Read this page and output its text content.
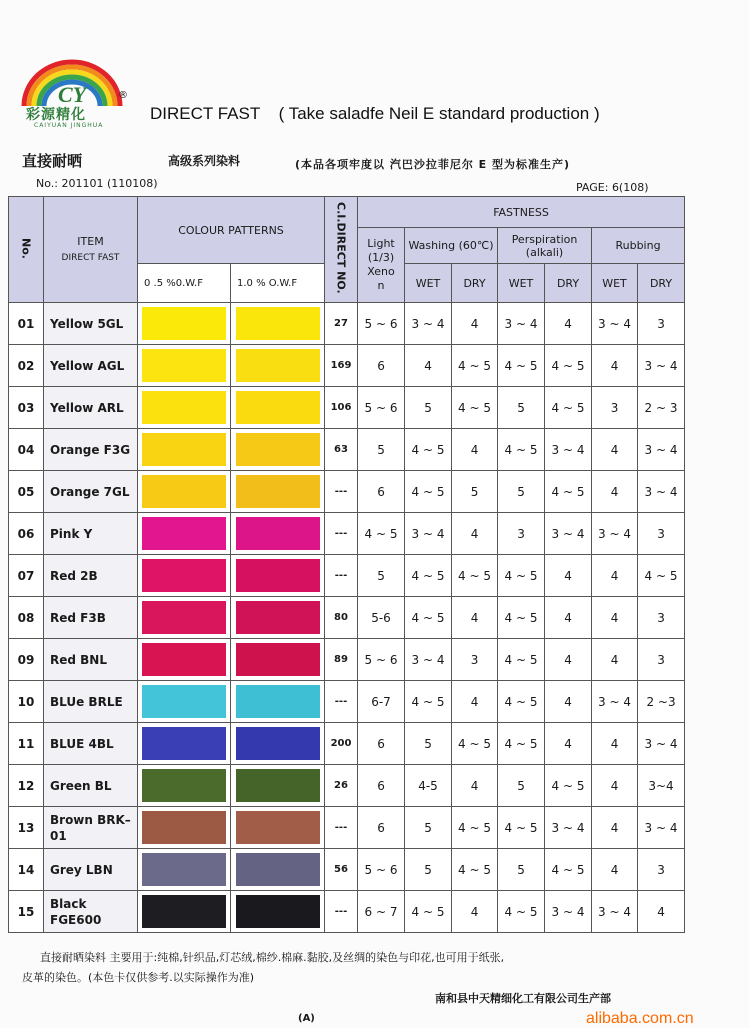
CY
彩源精化
CAIYUAN JINGHUA
®
DIRECT FAST ( Take saladfe Neil E standard production )
直接耐晒	高级系列染料	(本品各项牢度以 汽巴沙拉菲尼尔 E 型为标准生产)
No.: 201101 (110108)	PAGE: 6(108)
No.	ITEM
DIRECT FAST	COLOUR PATTERNS		C.I.DIRECT NO.	FASTNESS						
					Light (1/3) Xeno n	Washing (60℃)		Perspiration (alkali)		Rubbing	
		0 .5 %0.W.F	1.0 % O.W.F			WET	DRY	WET	DRY	WET	DRY
01	Yellow 5GL			27	5 ~ 6	3 ~ 4	4	3 ~ 4	4	3 ~ 4	3
02	Yellow AGL			169	6	4	4 ~ 5	4 ~ 5	4 ~ 5	4	3 ~ 4
03	Yellow ARL			106	5 ~ 6	5	4 ~ 5	5	4 ~ 5	3	2 ~ 3
04	Orange F3G			63	5	4 ~ 5	4	4 ~ 5	3 ~ 4	4	3 ~ 4
05	Orange 7GL			---	6	4 ~ 5	5	5	4 ~ 5	4	3 ~ 4
06	Pink Y			---	4 ~ 5	3 ~ 4	4	3	3 ~ 4	3 ~ 4	3
07	Red 2B			---	5	4 ~ 5	4 ~ 5	4 ~ 5	4	4	4 ~ 5
08	Red F3B			80	5-6	4 ~ 5	4	4 ~ 5	4	4	3
09	Red BNL			89	5 ~ 6	3 ~ 4	3	4 ~ 5	4	4	3
10	BLUe BRLE			---	6-7	4 ~ 5	4	4 ~ 5	4	3 ~ 4	2 ~3
11	BLUE 4BL			200	6	5	4 ~ 5	4 ~ 5	4	4	3 ~ 4
12	Green BL			26	6	4-5	4	5	4 ~ 5	4	3~4
13	Brown BRK–01			---	6	5	4 ~ 5	4 ~ 5	3 ~ 4	4	3 ~ 4
14	Grey LBN			56	5 ~ 6	5	4 ~ 5	5	4 ~ 5	4	3
15	Black FGE600			---	6 ~ 7	4 ~ 5	4	4 ~ 5	3 ~ 4	3 ~ 4	4
直接耐晒染料 主要用于:纯棉,针织品,灯芯绒,棉纱.棉麻.黏胶,及丝绸的染色与印花,也可用于纸张,
皮革的染色。(本色卡仅供参考.以实际操作为准)
南和县中天精细化工有限公司生产部
(A)	alibaba.com.cn
